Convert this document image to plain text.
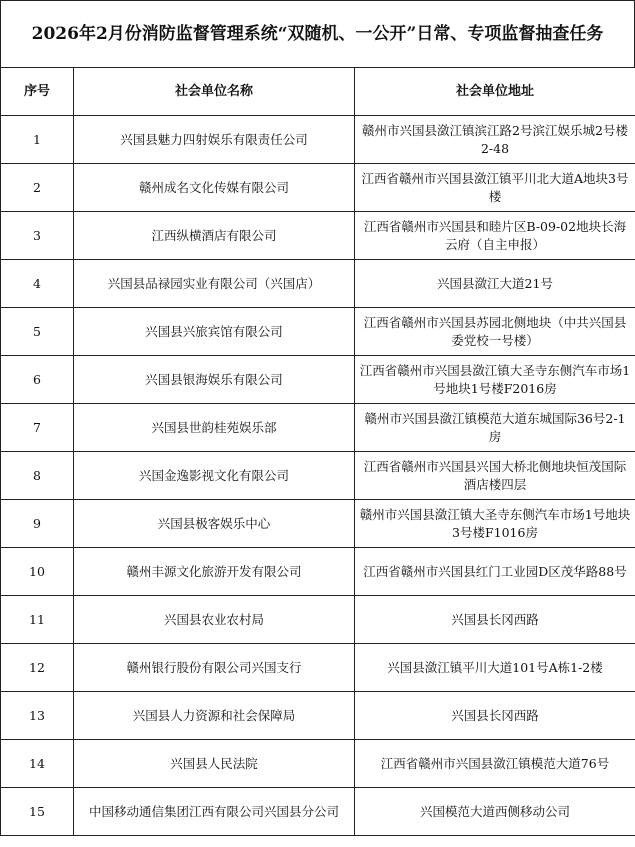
2026年2月份消防监督管理系统“双随机、一公开”日常、专项监督抽查任务
序号	社会单位名称	社会单位地址
1	兴国县魅力四射娱乐有限责任公司	赣州市兴国县潋江镇滨江路2号滨江娱乐城2号楼2-48
2	赣州成名文化传媒有限公司	江西省赣州市兴国县潋江镇平川北大道A地块3号楼
3	江西纵横酒店有限公司	江西省赣州市兴国县和睦片区B-09-02地块长海云府（自主申报）
4	兴国县品禄园实业有限公司（兴国店）	兴国县潋江大道21号
5	兴国县兴旅宾馆有限公司	江西省赣州市兴国县苏园北侧地块（中共兴国县委党校一号楼）
6	兴国县银海娱乐有限公司	江西省赣州市兴国县潋江镇大圣寺东侧汽车市场1号地块1号楼F2016房
7	兴国县世韵桂苑娱乐部	赣州市兴国县潋江镇模范大道东城国际36号2-1房
8	兴国金逸影视文化有限公司	江西省赣州市兴国县兴国大桥北侧地块恒茂国际酒店楼四层
9	兴国县极客娱乐中心	赣州市兴国县潋江镇大圣寺东侧汽车市场1号地块3号楼F1016房
10	赣州丰源文化旅游开发有限公司	江西省赣州市兴国县红门工业园D区茂华路88号
11	兴国县农业农村局	兴国县长冈西路
12	赣州银行股份有限公司兴国支行	兴国县潋江镇平川大道101号A栋1-2楼
13	兴国县人力资源和社会保障局	兴国县长冈西路
14	兴国县人民法院	江西省赣州市兴国县潋江镇模范大道76号
15	中国移动通信集团江西有限公司兴国县分公司	兴国模范大道西侧移动公司
